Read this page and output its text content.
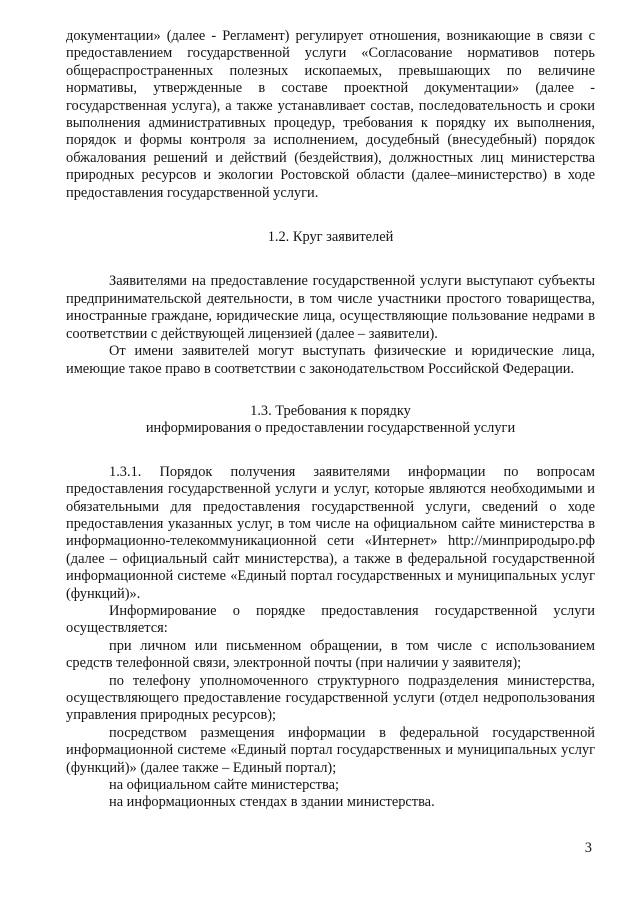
документации» (далее - Регламент) регулирует отношения, возникающие в связи с предоставлением государственной услуги «Согласование нормативов потерь общераспространенных полезных ископаемых, превышающих по величине нормативы, утвержденные в составе проектной документации» (далее - государственная услуга), а также устанавливает состав, последовательность и сроки выполнения административных процедур, требования к порядку их выполнения, порядок и формы контроля за исполнением, досудебный (внесудебный) порядок обжалования решений и действий (бездействия), должностных лиц министерства природных ресурсов и экологии Ростовской области (далее–министерство) в ходе предоставления государственной услуги.

1.2. Круг заявителей

Заявителями на предоставление государственной услуги выступают субъекты предпринимательской деятельности, в том числе участники простого товарищества, иностранные граждане, юридические лица, осуществляющие пользование недрами в соответствии с действующей лицензией (далее – заявители).

От имени заявителей могут выступать физические и юридические лица, имеющие такое право в соответствии с законодательством Российской Федерации.

1.3. Требования к порядку

информирования о предоставлении государственной услуги

1.3.1. Порядок получения заявителями информации по вопросам предоставления государственной услуги и услуг, которые являются необходимыми и обязательными для предоставления государственной услуги, сведений о ходе предоставления указанных услуг, в том числе на официальном сайте министерства в информационно-телекоммуникационной сети «Интернет» http://минприродыро.рф (далее – официальный сайт министерства), а также в федеральной государственной информационной системе «Единый портал государственных и муниципальных услуг (функций)».

Информирование о порядке предоставления государственной услуги осуществляется:

при личном или письменном обращении, в том числе с использованием средств телефонной связи, электронной почты (при наличии у заявителя);

по телефону уполномоченного структурного подразделения министерства, осуществляющего предоставление государственной услуги (отдел недропользования управления природных ресурсов);

посредством размещения информации в федеральной государственной информационной системе «Единый портал государственных и муниципальных услуг (функций)» (далее также – Единый портал);

на официальном сайте министерства;

на информационных стендах в здании министерства.

3
